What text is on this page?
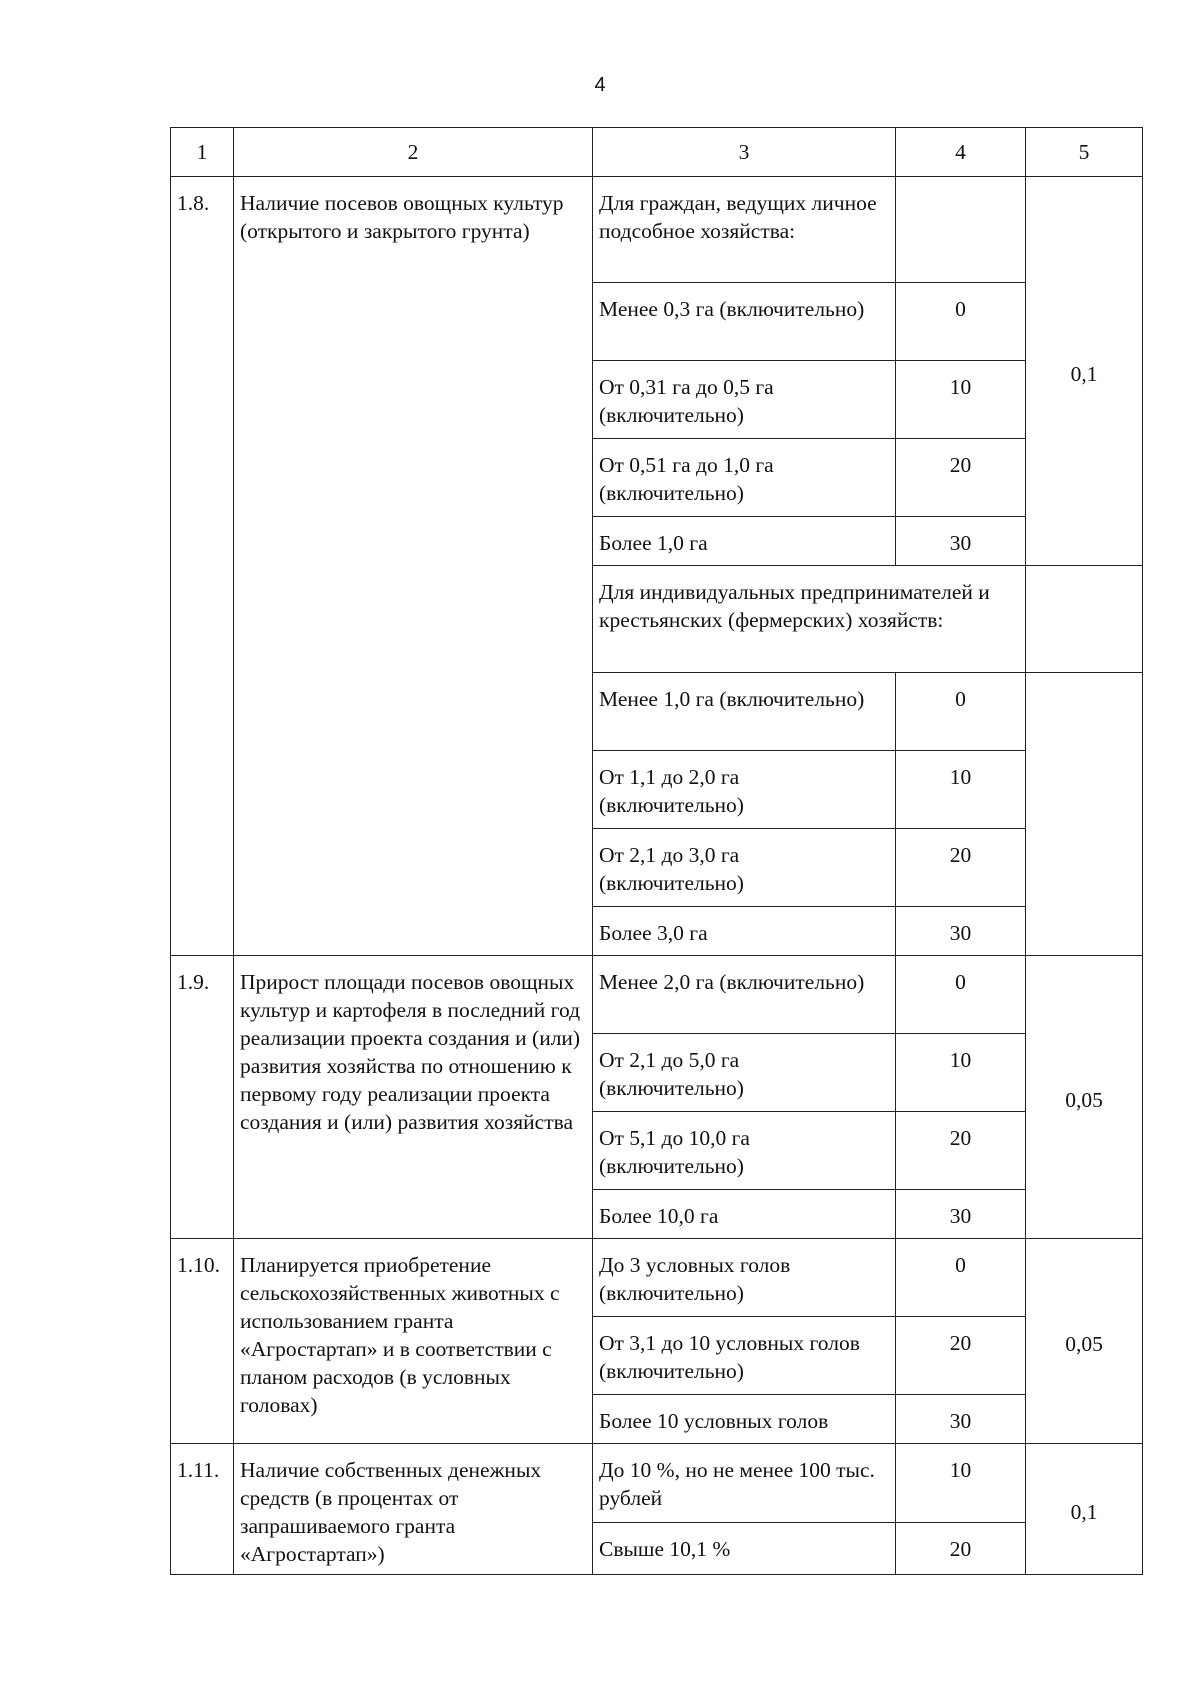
4
1	2	3	4	5
1.8.	Наличие посевов овощных культур (открытого и закрытого грунта)	Для граждан, ведущих личное подсобное хозяйства:		0,1
		Менее 0,3 га (включительно)	0	
		От 0,31 га до 0,5 га (включительно)	10	
		От 0,51 га до 1,0 га (включительно)	20	
		Более 1,0 га	30	
		Для индивидуальных предпринимателей и крестьянских (фермерских) хозяйств:		
		Менее 1,0 га (включительно)	0	
		От 1,1 до 2,0 га (включительно)	10	
		От 2,1 до 3,0 га (включительно)	20	
		Более 3,0 га	30	
1.9.	Прирост площади посевов овощных культур и картофеля в последний год реализации проекта создания и (или) развития хозяйства по отношению к первому году реализации проекта создания и (или) развития хозяйства	Менее 2,0 га (включительно)	0	0,05
		От 2,1 до 5,0 га (включительно)	10	
		От 5,1 до 10,0 га (включительно)	20	
		Более 10,0 га	30	
1.10.	Планируется приобретение сельскохозяйственных животных с использованием гранта «Агростартап» и в соответствии с планом расходов (в условных головах)	До 3 условных голов (включительно)	0	0,05
		От 3,1 до 10 условных голов (включительно)	20	
		Более 10 условных голов	30	
1.11.	Наличие собственных денежных средств (в процентах от запрашиваемого гранта «Агростартап»)	До 10 %, но не менее 100 тыс. рублей	10	0,1
		Свыше 10,1 %	20	
